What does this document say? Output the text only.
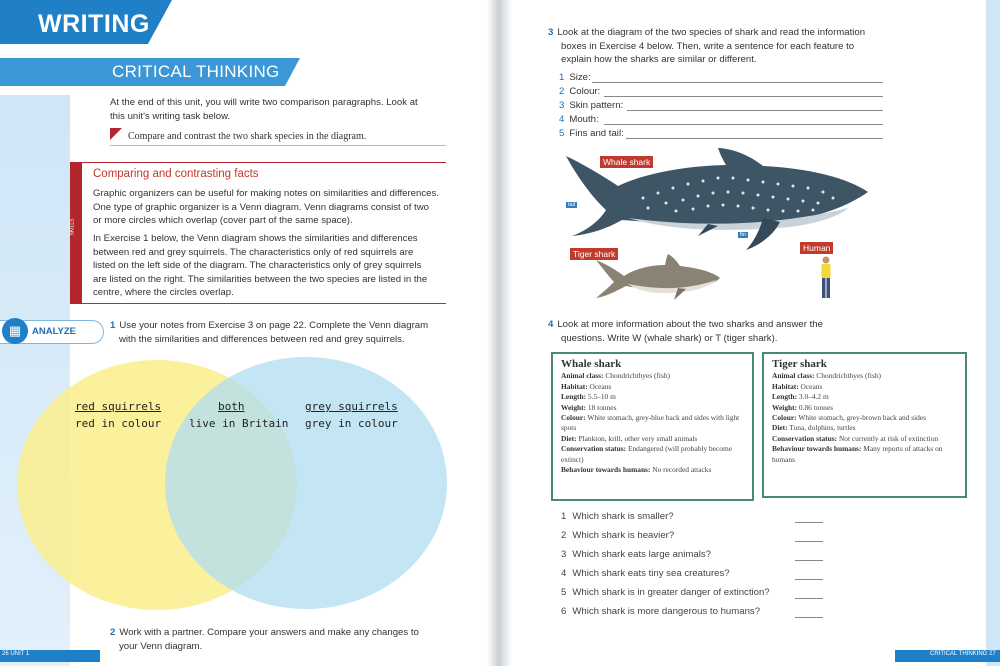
WRITING
CRITICAL THINKING
At the end of this unit, you will write two comparison paragraphs. Look at
this unit's writing task below.
Compare and contrast the two shark species in the diagram.
SKILLS
Comparing and contrasting facts
Graphic organizers can be useful for making notes on similarities and differences.
One type of graphic organizer is a Venn diagram. Venn diagrams consist of two
or more circles which overlap (cover part of the same space).
In Exercise 1 below, the Venn diagram shows the similarities and differences
between red and grey squirrels. The characteristics only of red squirrels are
listed on the left side of the diagram. The characteristics only of grey squirrels
are listed on the right. The similarities between the two species are listed in the
centre, where the circles overlap.
▦	ANALYZE
1 Use your notes from Exercise 3 on page 22. Complete the Venn diagram
with the similarities and differences between red and grey squirrels.
red squirrels
red in colour
both
live in Britain
grey squirrels
grey in colour
2 Work with a partner. Compare your answers and make any changes to
your Venn diagram.
26 UNIT 1
3 Look at the diagram of the two species of shark and read the information
boxes in Exercise 4 below. Then, write a sentence for each feature to
explain how the sharks are similar or different.
1 Size:
2 Colour:
3 Skin pattern:
4 Mouth:
5 Fins and tail:
Whale shark
Tiger shark
Human
tail
fin
4 Look at more information about the two sharks and answer the
questions. Write W (whale shark) or T (tiger shark).
Whale shark
Animal class: Chondrichthyes (fish)
Habitat: Oceans
Length: 5.5–10 m
Weight: 18 tonnes
Colour: White stomach, grey-blue back and sides with light spots
Diet: Plankton, krill, other very small animals
Conservation status: Endangered (will probably become extinct)
Behaviour towards humans: No recorded attacks
Tiger shark
Animal class: Chondrichthyes (fish)
Habitat: Oceans
Length: 3.0–4.2 m
Weight: 0.86 tonnes
Colour: White stomach, grey-brown back and sides
Diet: Tuna, dolphins, turtles
Conservation status: Not currently at risk of extinction
Behaviour towards humans: Many reports of attacks on humans
1 Which shark is smaller?
2 Which shark is heavier?
3 Which shark eats large animals?
4 Which shark eats tiny sea creatures?
5 Which shark is in greater danger of extinction?
6 Which shark is more dangerous to humans?
CRITICAL THINKING 27
